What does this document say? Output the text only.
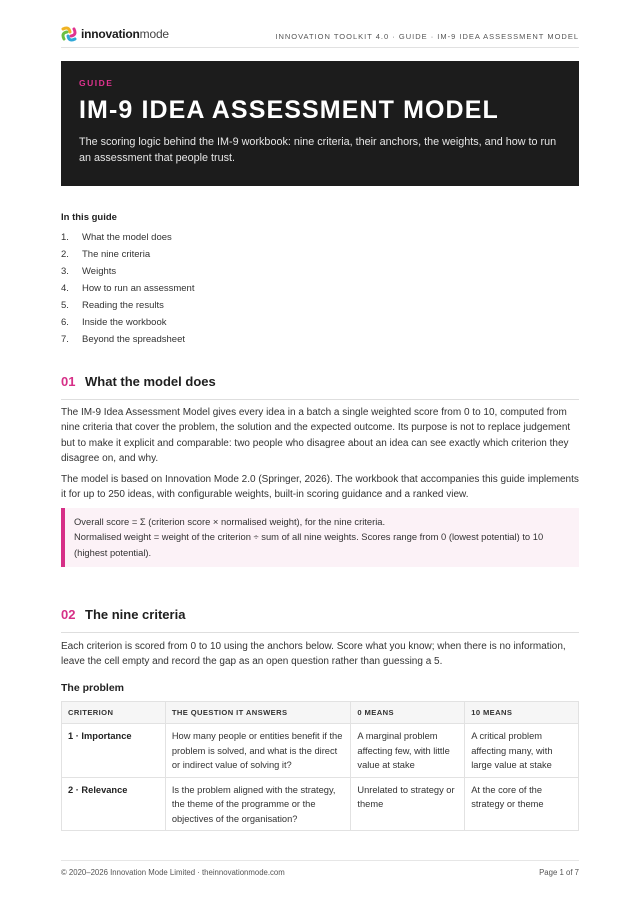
innovationmode	INNOVATION TOOLKIT 4.0 · GUIDE · IM-9 IDEA ASSESSMENT MODEL
GUIDE
IM-9 IDEA ASSESSMENT MODEL
The scoring logic behind the IM-9 workbook: nine criteria, their anchors, the weights, and how to run an assessment that people trust.
In this guide
1.	What the model does
2.	The nine criteria
3.	Weights
4.	How to run an assessment
5.	Reading the results
6.	Inside the workbook
7.	Beyond the spreadsheet
01 What the model does
The IM-9 Idea Assessment Model gives every idea in a batch a single weighted score from 0 to 10, computed from nine criteria that cover the problem, the solution and the expected outcome. Its purpose is not to replace judgement but to make it explicit and comparable: two people who disagree about an idea can see exactly which criterion they disagree on, and why.
The model is based on Innovation Mode 2.0 (Springer, 2026). The workbook that accompanies this guide implements it for up to 250 ideas, with configurable weights, built-in scoring guidance and a ranked view.
Overall score = Σ (criterion score × normalised weight), for the nine criteria.
Normalised weight = weight of the criterion ÷ sum of all nine weights. Scores range from 0 (lowest potential) to 10 (highest potential).
02 The nine criteria
Each criterion is scored from 0 to 10 using the anchors below. Score what you know; when there is no information, leave the cell empty and record the gap as an open question rather than guessing a 5.
The problem
CRITERION	THE QUESTION IT ANSWERS	0 MEANS	10 MEANS
1 · Importance	How many people or entities benefit if the problem is solved, and what is the direct or indirect value of solving it?	A marginal problem affecting few, with little value at stake	A critical problem affecting many, with large value at stake
2 · Relevance	Is the problem aligned with the strategy, the theme of the programme or the objectives of the organisation?	Unrelated to strategy or theme	At the core of the strategy or theme
© 2020–2026 Innovation Mode Limited · theinnovationmode.com	Page 1 of 7
